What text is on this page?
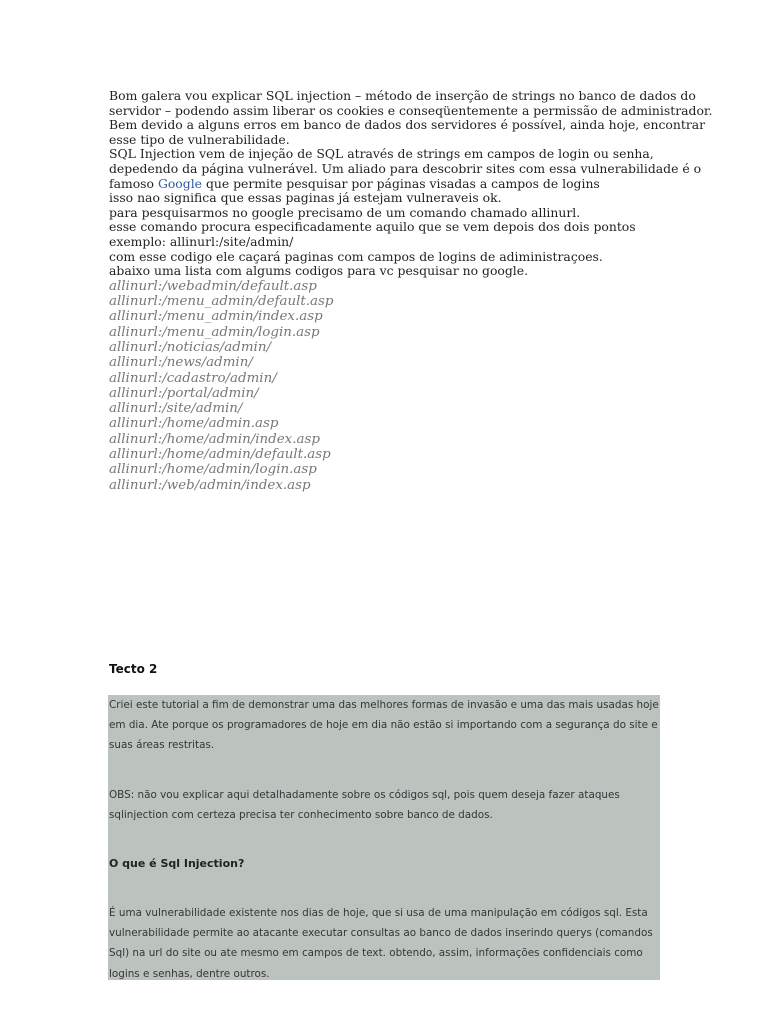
Bom galera vou explicar SQL injection – método de inserção de strings no banco de dados do
servidor – podendo assim liberar os cookies e conseqüentemente a permissão de administrador.
Bem devido a alguns erros em banco de dados dos servidores é possível, ainda hoje, encontrar
esse tipo de vulnerabilidade.
SQL Injection vem de injeção de SQL através de strings em campos de login ou senha,
depedendo da página vulnerável. Um aliado para descobrir sites com essa vulnerabilidade é o
famoso Google que permite pesquisar por páginas visadas a campos de logins
isso nao significa que essas paginas já estejam vulneraveis ok.
para pesquisarmos no google precisamo de um comando chamado allinurl.
esse comando procura especificadamente aquilo que se vem depois dos dois pontos
exemplo: allinurl:/site/admin/
com esse codigo ele caçará paginas com campos de logins de adiministraçoes.
abaixo uma lista com algums codigos para vc pesquisar no google.
allinurl:/webadmin/default.asp
allinurl:/menu_admin/default.asp
allinurl:/menu_admin/index.asp
allinurl:/menu_admin/login.asp
allinurl:/noticias/admin/
allinurl:/news/admin/
allinurl:/cadastro/admin/
allinurl:/portal/admin/
allinurl:/site/admin/
allinurl:/home/admin.asp
allinurl:/home/admin/index.asp
allinurl:/home/admin/default.asp
allinurl:/home/admin/login.asp
allinurl:/web/admin/index.asp
Tecto 2
Criei este tutorial a fim de demonstrar uma das melhores formas de invasão e uma das mais usadas hoje
em dia. Ate porque os programadores de hoje em dia não estão si importando com a segurança do site e
suas áreas restritas.
OBS: não vou explicar aqui detalhadamente sobre os códigos sql, pois quem deseja fazer ataques
sqlinjection com certeza precisa ter conhecimento sobre banco de dados.
O que é Sql Injection?
É uma vulnerabilidade existente nos dias de hoje, que si usa de uma manipulação em códigos sql. Esta
vulnerabilidade permite ao atacante executar consultas ao banco de dados inserindo querys (comandos
Sql) na url do site ou ate mesmo em campos de text. obtendo, assim, informações confidenciais como
logins e senhas, dentre outros.
